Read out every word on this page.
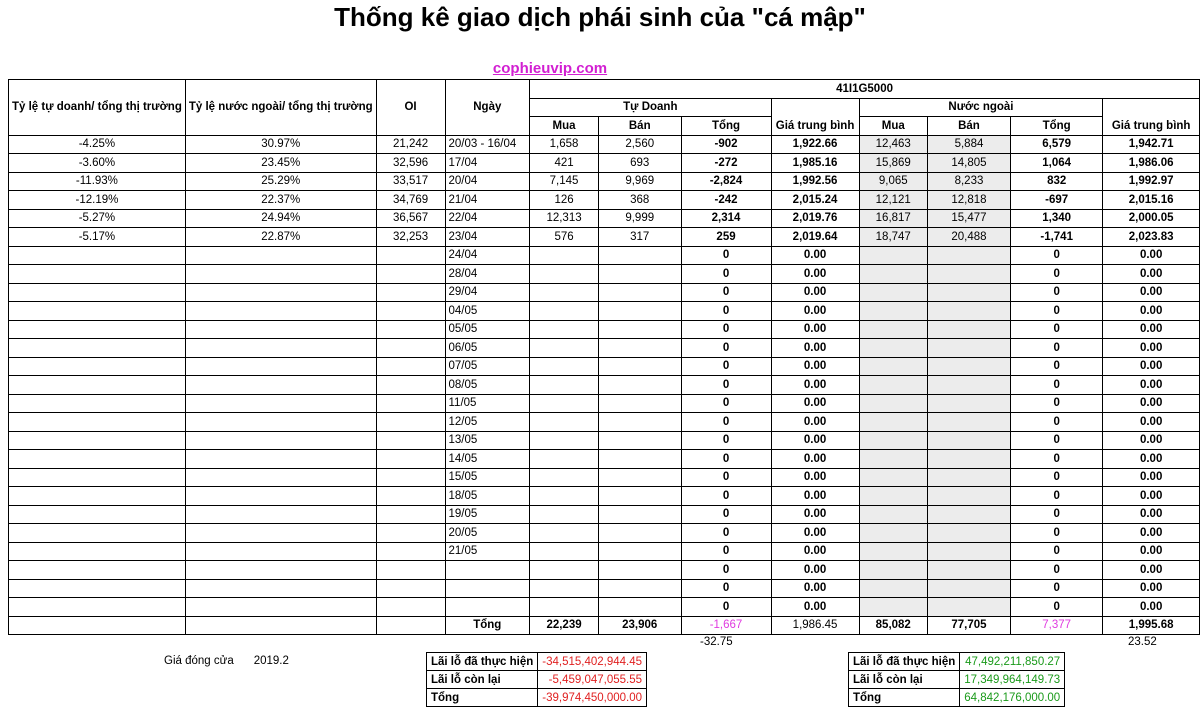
Thống kê giao dịch phái sinh của "cá mập"
cophieuvip.com
Tỷ lệ tự doanh/ tổng thị trường	Tỷ lệ nước ngoài/ tổng thị trường	OI	Ngày	41I1G5000							
				Tự Doanh				Nước ngoài			
				Mua	Bán	Tổng	Giá trung bình	Mua	Bán	Tổng	Giá trung bình
-4.25%	30.97%	21,242	20/03 - 16/04	1,658	2,560	-902	1,922.66	12,463	5,884	6,579	1,942.71
-3.60%	23.45%	32,596	17/04	421	693	-272	1,985.16	15,869	14,805	1,064	1,986.06
-11.93%	25.29%	33,517	20/04	7,145	9,969	-2,824	1,992.56	9,065	8,233	832	1,992.97
-12.19%	22.37%	34,769	21/04	126	368	-242	2,015.24	12,121	12,818	-697	2,015.16
-5.27%	24.94%	36,567	22/04	12,313	9,999	2,314	2,019.76	16,817	15,477	1,340	2,000.05
-5.17%	22.87%	32,253	23/04	576	317	259	2,019.64	18,747	20,488	-1,741	2,023.83
			24/04			0	0.00			0	0.00
			28/04			0	0.00			0	0.00
			29/04			0	0.00			0	0.00
			04/05			0	0.00			0	0.00
			05/05			0	0.00			0	0.00
			06/05			0	0.00			0	0.00
			07/05			0	0.00			0	0.00
			08/05			0	0.00			0	0.00
			11/05			0	0.00			0	0.00
			12/05			0	0.00			0	0.00
			13/05			0	0.00			0	0.00
			14/05			0	0.00			0	0.00
			15/05			0	0.00			0	0.00
			18/05			0	0.00			0	0.00
			19/05			0	0.00			0	0.00
			20/05			0	0.00			0	0.00
			21/05			0	0.00			0	0.00
						0	0.00			0	0.00
						0	0.00			0	0.00
						0	0.00			0	0.00
			Tổng	22,239	23,906	-1,667	1,986.45	85,082	77,705	7,377	1,995.68
-32.75	23.52
Giá đóng cửa 2019.2	Lãi lỗ đã thực hiện	-34,515,402,944.45
Lãi lỗ còn lại	-5,459,047,055.55
Tổng	-39,974,450,000.00
Lãi lỗ đã thực hiện	47,492,211,850.27
Lãi lỗ còn lại	17,349,964,149.73
Tổng	64,842,176,000.00
